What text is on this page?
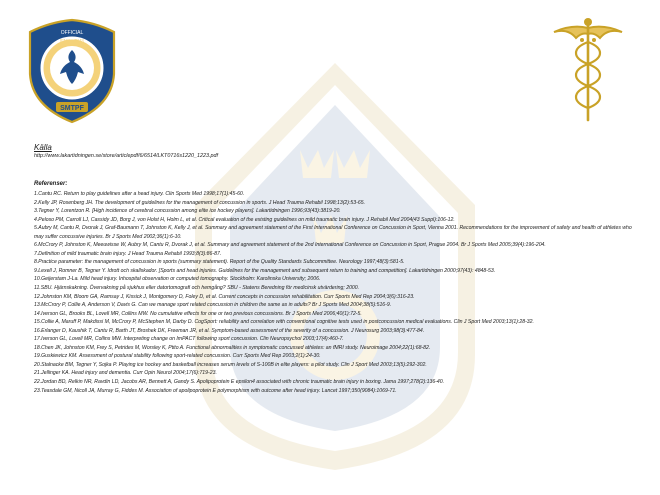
SMTPF
OFFICIAL
IFMA • BMS
Källa
http://www.lakartidningen.se/store/articlepdf/6/6514/LKT0716s1220_1223.pdf
Referenser:
1.Cantu RC. Return to play guidelines after a head injury. Clin Sports Med 1998;17(1):45-60.
2.Kelly JP, Rosenberg JH. The development of guidelines for the management of concussion in sports. J Head Trauma Rehabil 1998;13(2):53-65.
3.Tegner Y, Lorentzon R. [High incidence of cerebral concussion among elite ice hockey players]. Lakartidningen 1996;93(43):3819-20.
4.Peloso PM, Carroll LJ, Cassidy JD, Borg J, von Holst H, Holm L, et al. Critical evaluation of the existing guidelines on mild traumatic brain injury. J Rehabil Med 2004(43 Suppl):106-12.
5.Aubry M, Cantu R, Dvorak J, Graf-Baumann T, Johnston K, Kelly J, et al. Summary and agreement statement of the First International Conference on Concussion in Sport, Vienna 2001. Recommendations for the improvement of safety and health of athletes who may suffer concussive injuries. Br J Sports Med 2002;36(1):6-10.
6.McCrory P, Johnston K, Meeuwisse W, Aubry M, Cantu R, Dvorak J, et al. Summary and agreement statement of the 2nd International Conference on Concussion in Sport, Prague 2004. Br J Sports Med 2005;39(4):196-204.
7.Definition of mild traumatic brain injury. J Head Trauma Rehabil 1993;8(3):86-87.
8.Practice parameter: the management of concussion in sports (summary statement). Report of the Quality Standards Subcommittee. Neurology 1997;48(3):581-5.
9.Lexell J, Romner B, Tegner Y. Idrott och skallskador. [Sports and head injuries. Guidelines for the management and subsequent return to training and competition]. Lakartidningen 2000;97(43): 4848-53.
10.Geijerstam J-La. Mild head injury. Inhospital observation or computed tomography. Stockholm: Karolinska University; 2006.
11.SBU. Hjärnskakning. Övervakning på sjukhus eller datortomografi och hemgång? SBU - Statens Beredning för medicinsk utvärdering; 2000.
12.Johnston KM, Bloom GA, Ramsay J, Kissick J, Montgomery D, Foley D, et al. Current concepts in concussion rehabilitation. Curr Sports Med Rep 2004;3(6):316-23.
13.McCrory P, Collie A, Anderson V, Davis G. Can we manage sport related concussion in children the same as in adults? Br J Sports Med 2004;38(5):516-9.
14.Iverson GL, Brooks BL, Lovell MR, Collins MW. No cumulative effects for one or two previous concussions. Br J Sports Med 2006;40(1):72-5.
15.Collie A, Maruff P, Makdissi M, McCrory P, McStephen M, Darby D. CogSport: reliability and correlation with conventional cognitive tests used in postconcussion medical evaluations. Clin J Sport Med 2003;13(1):28-32.
16.Erlanger D, Kaushik T, Cantu R, Barth JT, Broshek DK, Freeman JR, et al. Symptom-based assessment of the severity of a concussion. J Neurosurg 2003;98(3):477-84.
17.Iverson GL, Lovell MR, Collins MW. Interpreting change on ImPACT following sport concussion. Clin Neuropsychol 2003;17(4):460-7.
18.Chen JK, Johnston KM, Frey S, Petrides M, Worsley K, Ptito A. Functional abnormalities in symptomatic concussed athletes: an fMRI study. Neuroimage 2004;22(1):68-82.
19.Guskiewicz KM. Assessment of postural stability following sport-related concussion. Curr Sports Med Rep 2003;2(1):24-30.
20.Stalnacke BM, Tegner Y, Sojka P. Playing ice hockey and basketball increases serum levels of S-100B in elite players: a pilot study. Clin J Sport Med 2003;13(5):292-302.
21.Jellinger KA. Head injury and dementia. Curr Opin Neurol 2004;17(6):719-23.
22.Jordan BD, Relkin NR, Ravdin LD, Jacobs AR, Bennett A, Gandy S. Apolipoprotein E epsilon4 associated with chronic traumatic brain injury in boxing. Jama 1997;278(2):136-40.
23.Teasdale GM, Nicoll JA, Murray G, Fiddes M. Association of apolipoprotein E polymorphism with outcome after head injury. Lancet 1997;350(9084):1069-71.
